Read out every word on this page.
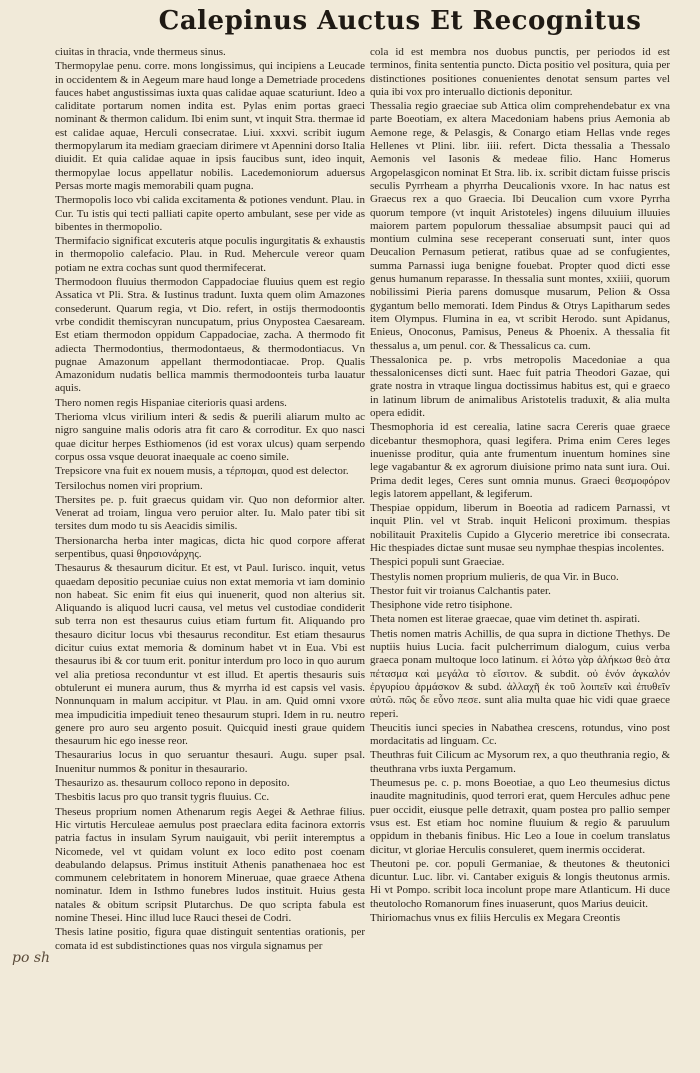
Calepinus Auctus Et Recognitus

ciuitas in thracia, vnde thermeus sinus.

Thermopylae penu. corre. mons longissimus, qui incipiens a Leucade in occidentem & in Aegeum mare haud longe a Demetriade procedens fauces habet angustissimas iuxta quas calidae aquae scaturiunt. Ideo a caliditate portarum nomen indita est. Pylas enim portas graeci nominant & thermon calidum. Ibi enim sunt, vt inquit Stra. thermae id est calidae aquae, Herculi consecratae. Liui. xxxvi. scribit iugum thermopylarum ita mediam graeciam dirimere vt Apennini dorso Italia diuidit. Et quia calidae aquae in ipsis faucibus sunt, ideo inquit, thermopylae locus appellatur nobilis. Lacedemoniorum aduersus Persas morte magis memorabili quam pugna.

Thermopolis loco vbi calida excitamenta & potiones vendunt. Plau. in Cur. Tu istis qui tecti palliati capite operto ambulant, sese per vide as bibentes in thermopolio.

Thermifacio significat excuteris atque poculis ingurgitatis & exhaustis in thermopolio calefacio. Plau. in Rud. Mehercule vereor quam potiam ne extra cochas sunt quod thermifecerat.

Thermodoon fluuius thermodon Cappadociae fluuius quem est regio Assatica vt Pli. Stra. & Iustinus tradunt. Iuxta quem olim Amazones consederunt. Quarum regia, vt Dio. refert, in ostijs thermodoontis vrbe condidit themiscyran nuncupatum, prius Onypostea Caesaream. Est etiam thermodon oppidum Cappadociae, zacha. A thermodo fit adiecta Thermodontius, thermodontaeus, & thermodontiacus. Vn pugnae Amazonum appellant thermodontiacae. Prop. Qualis Amazonidum nudatis bellica mammis thermodoonteis turba lauatur aquis.

Thero nomen regis Hispaniae citerioris quasi ardens.

Therioma vlcus virilium interi & sedis & puerili aliarum multo ac nigro sanguine malis odoris atra fit caro & corroditur. Ex quo nasci quae dicitur herpes Esthiomenos (id est vorax ulcus) quam serpendo corpus ossa vsque deuorat inaequale ac coeno simile.

Trepsicore vna fuit ex nouem musis, a τέρπομαι, quod est delector.

Tersilochus nomen viri proprium.

Thersites pe. p. fuit graecus quidam vir. Quo non deformior alter. Venerat ad troiam, lingua vero peruior alter. Iu. Malo pater tibi sit tersites dum modo tu sis Aeacidis similis.

Thersionarcha herba inter magicas, dicta hic quod corpore afferat serpentibus, quasi θηρσιονάρχης.

Thesaurus & thesaurum dicitur. Et est, vt Paul. Iurisco. inquit, vetus quaedam depositio pecuniae cuius non extat memoria vt iam dominio non habeat. Sic enim fit eius qui inuenerit, quod non alterius sit. Aliquando is aliquod lucri causa, vel metus vel custodiae condiderit sub terra non est thesaurus cuius etiam furtum fit. Aliquando pro thesauro dicitur locus vbi thesaurus reconditur. Est etiam thesaurus dicitur cuius extat memoria & dominum habet vt in Eua. Vbi est thesaurus ibi & cor tuum erit. ponitur interdum pro loco in quo aurum vel alia pretiosa reconduntur vt est illud. Et apertis thesauris suis obtulerunt ei munera aurum, thus & myrrha id est capsis vel vasis. Nonnunquam in malum accipitur. vt Plau. in am. Quid omni vxore mea impudicitia impediuit teneo thesaurum stupri. Idem in ru. neutro genere pro auro seu argento posuit. Quicquid inesti graue quidem thesaurum hic ego inesse reor.

Thesaurarius locus in quo seruantur thesauri. Augu. super psal. Inuenitur nummos & ponitur in thesaurario.

Thesaurizo as. thesaurum colloco repono in deposito.

Thesbitis lacus pro quo transit tygris fluuius. Cc.

Theseus proprium nomen Athenarum regis Aegei & Aethrae filius. Hic virtutis Herculeae aemulus post praeclara edita facinora extorris patria factus in insulam Syrum nauigauit, vbi periit interemptus a Nicomede, vel vt quidam volunt ex loco edito post coenam deabulando delapsus. Primus instituit Athenis panathenaea hoc est communem celebritatem in honorem Mineruae, quae graece Athena nominatur. Idem in Isthmo funebres ludos instituit. Huius gesta natales & obitum scripsit Plutarchus. De quo scripta fabula est nomine Thesei. Hinc illud luce Rauci thesei de Codri.

Thesis latine positio, figura quae distinguit sententias orationis, per comata id est subdistinctiones quas nos virgula signamus per

cola id est membra nos duobus punctis, per periodos id est terminos, finita sententia puncto. Dicta positio vel positura, quia per distinctiones positiones conuenientes denotat sensum partes vel quia ibi vox pro interuallo dictionis deponitur.

Thessalia regio graeciae sub Attica olim comprehendebatur ex vna parte Boeotiam, ex altera Macedoniam habens prius Aemonia ab Aemone rege, & Pelasgis, & Conargo etiam Hellas vnde reges Hellenes vt Plini. libr. iiii. refert. Dicta thessalia a Thessalo Aemonis vel Iasonis & medeae filio. Hanc Homerus Argopelasgicon nominat Et Stra. lib. ix. scribit dictam fuisse priscis seculis Pyrrheam a phyrrha Deucalionis vxore. In hac natus est Graecus rex a quo Graecia. Ibi Deucalion cum vxore Pyrrha quorum tempore (vt inquit Aristoteles) ingens diluuium illuuies maiorem partem populorum thessaliae absumpsit pauci qui ad montium culmina sese receperant conseruati sunt, inter quos Deucalion Pernasum petierat, ratibus quae ad se confugientes, summa Parnassi iuga benigne fouebat. Propter quod dicti esse genus humanum reparasse. In thessalia sunt montes, xxiiii, quorum nobilissimi Pieria parens domusque musarum, Pelion & Ossa gygantum bello memorati. Idem Pindus & Otrys Lapitharum sedes item Olympus. Flumina in ea, vt scribit Herodo. sunt Apidanus, Enieus, Onoconus, Pamisus, Peneus & Phoenix. A thessalia fit thessalus a, um penul. cor. & Thessalicus ca. cum.

Thessalonica pe. p. vrbs metropolis Macedoniae a qua thessalonicenses dicti sunt. Haec fuit patria Theodori Gazae, qui grate nostra in vtraque lingua doctissimus habitus est, qui e graeco in latinum librum de animalibus Aristotelis traduxit, & alia multa opera edidit.

Thesmophoria id est cerealia, latine sacra Cereris quae graece dicebantur thesmophora, quasi legifera. Prima enim Ceres leges inuenisse proditur, quia ante frumentum inuentum homines sine lege vagabantur & ex agrorum diuisione primo nata sunt iura. Oui. Prima dedit leges, Ceres sunt omnia munus. Graeci θεσμοφόρον legis latorem appellant, & legiferum.

Thespiae oppidum, liberum in Boeotia ad radicem Parnassi, vt inquit Plin. vel vt Strab. inquit Heliconi proximum. thespias nobilitauit Praxitelis Cupido a Glycerio meretrice ibi consecrata. Hic thespiades dictae sunt musae seu nymphae thespias incolentes.

Thespici populi sunt Graeciae.

Thestylis nomen proprium mulieris, de qua Vir. in Buco.

Thestor fuit vir troianus Calchantis pater.

Thesiphone vide retro tisiphone.

Theta nomen est literae graecae, quae vim detinet th. aspirati.

Thetis nomen matris Achillis, de qua supra in dictione Thethys. De nuptiis huius Lucia. facit pulcherrimum dialogum, cuius verba graeca ponam multoque loco latinum. εἰ λότω γὰρ ἀλήκωσ θεὸ ἀτα πέτασμα καὶ μεγάλα τὸ εἴσιτον. & subdit. οὐ ἑνόν ἀγκαλόν ἐργυρίου ἀρμάσκον & subd. ἀλλαχῆ ἐκ τοῦ λοιπεῖν καὶ ἐπυθεῖν αὐτῶ. πῶς δε εὖνο πεσε. sunt alia multa quae hic vidi quae graece reperi.

Theucitis iunci species in Nabathea crescens, rotundus, vino post mordacitatis ad linguam. Cc.

Theuthras fuit Cilicum ac Mysorum rex, a quo theuthrania regio, & theuthrana vrbs iuxta Pergamum.

Theumesus pe. c. p. mons Boeotiae, a quo Leo theumesius dictus inaudite magnitudinis, quod terrori erat, quem Hercules adhuc pene puer occidit, eiusque pelle detraxit, quam postea pro pallio semper vsus est. Est etiam hoc nomine fluuium & regio & paruulum oppidum in thebanis finibus. Hic Leo a Ioue in coelum translatus dicitur, vt gloriae Herculis consuleret, quem inermis occiderat.

Theutoni pe. cor. populi Germaniae, & theutones & theutonici dicuntur. Luc. libr. vi. Cantaber exiguis & longis theutonus armis. Hi vt Pompo. scribit loca incolunt prope mare Atlanticum. Hi duce theutolocho Romanorum fines inuaserunt, quos Marius deuicit.

Thiriomachus vnus ex filiis Herculis ex Megara Creontis

po sh
